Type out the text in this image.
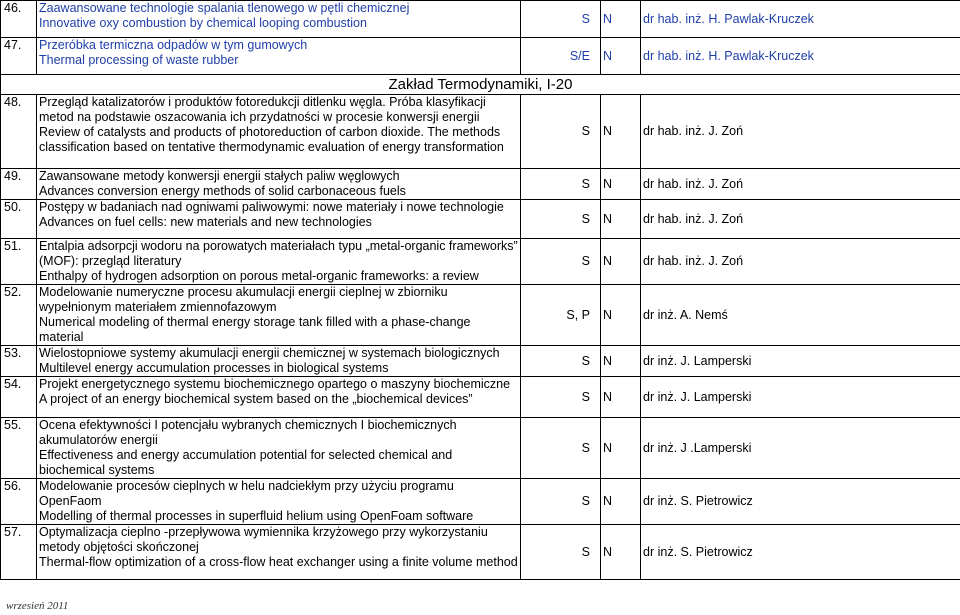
46.	Zaawansowane technologie spalania tlenowego w pętli chemicznej
Innovative oxy combustion by chemical looping combustion	S	N	dr hab. inż. H. Pawlak-Kruczek
47.	Przeróbka termiczna odpadów w tym gumowych
Thermal processing of waste rubber	S/E	N	dr hab. inż. H. Pawlak-Kruczek
Zakład Termodynamiki, I-20				
48.	Przegląd katalizatorów i produktów fotoredukcji ditlenku węgla. Próba klasyfikacji metod na podstawie oszacowania ich przydatności w procesie konwersji energii
Review of catalysts and products of photoreduction of carbon dioxide. The methods classification based on tentative thermodynamic evaluation of energy transformation	S	N	dr hab. inż. J. Zoń
49.	Zawansowane metody konwersji energii stałych paliw węglowych
Advances conversion energy methods of solid carbonaceous fuels	S	N	dr hab. inż. J. Zoń
50.	Postępy w badaniach nad ogniwami paliwowymi: nowe materiały i nowe technologie
Advances on fuel cells: new materials and new technologies	S	N	dr hab. inż. J. Zoń
51.	Entalpia adsorpcji wodoru na porowatych materiałach typu „metal-organic frameworks” (MOF): przegląd literatury
Enthalpy of hydrogen adsorption on porous metal-organic frameworks: a review	S	N	dr hab. inż. J. Zoń
52.	Modelowanie numeryczne procesu akumulacji energii cieplnej w zbiorniku wypełnionym materiałem zmiennofazowym
Numerical modeling of thermal energy storage tank filled with a phase-change material	S, P	N	dr inż. A. Nemś
53.	Wielostopniowe systemy akumulacji energii chemicznej w systemach biologicznych
Multilevel energy accumulation processes in biological systems	S	N	dr inż. J. Lamperski
54.	Projekt energetycznego systemu biochemicznego opartego o maszyny biochemiczne
A project of an energy biochemical system based on the „biochemical devices”	S	N	dr inż. J. Lamperski
55.	Ocena efektywności I potencjału wybranych chemicznych I biochemicznych akumulatorów energii
Effectiveness and energy accumulation potential for selected chemical and biochemical systems	S	N	dr inż. J .Lamperski
56.	Modelowanie procesów cieplnych w helu nadciekłym przy użyciu programu OpenFaom
Modelling of thermal processes in superfluid helium using OpenFoam software	S	N	dr inż. S. Pietrowicz
57.	Optymalizacja cieplno -przepływowa wymiennika krzyżowego przy wykorzystaniu metody objętości skończonej
Thermal-flow optimization of a cross-flow heat exchanger using a finite volume method	S	N	dr inż. S. Pietrowicz
wrzesień 2011
